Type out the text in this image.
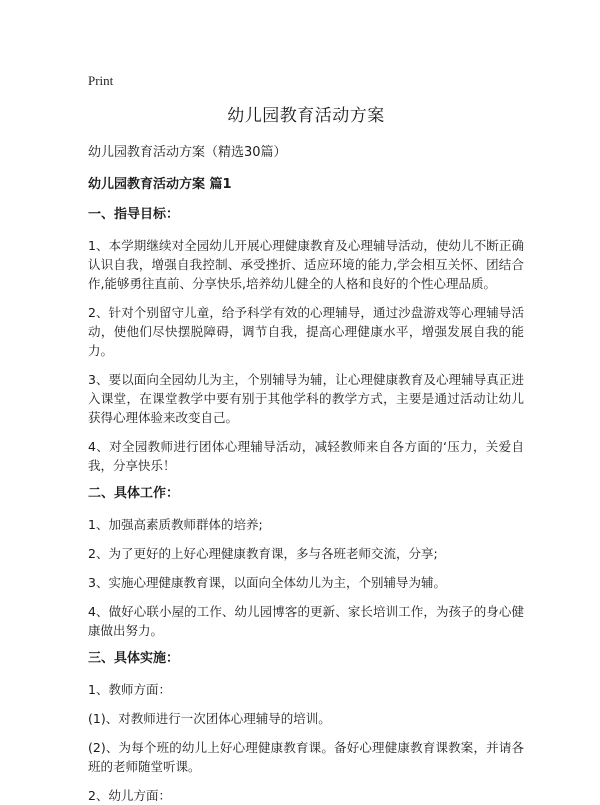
Print
幼儿园教育活动方案
幼儿园教育活动方案（精选30篇）
幼儿园教育活动方案 篇1
一、指导目标：

1、本学期继续对全园幼儿开展心理健康教育及心理辅导活动，使幼儿不断正确认识自我，增强自我控制、承受挫折、适应环境的能力,学会相互关怀、团结合作,能够勇往直前、分享快乐,培养幼儿健全的人格和良好的个性心理品质。

2、针对个别留守儿童，给予科学有效的心理辅导，通过沙盘游戏等心理辅导活动，使他们尽快摆脱障碍，调节自我，提高心理健康水平，增强发展自我的能力。

3、要以面向全园幼儿为主，个别辅导为辅，让心理健康教育及心理辅导真正进入课堂，在课堂教学中要有别于其他学科的教学方式，主要是通过活动让幼儿获得心理体验来改变自己。

4、对全园教师进行团体心理辅导活动，减轻教师来自各方面的‘压力，关爱自我，分享快乐！

二、具体工作：

1、加强高素质教师群体的培养;

2、为了更好的上好心理健康教育课，多与各班老师交流，分享;

3、实施心理健康教育课，以面向全体幼儿为主，个别辅导为辅。

4、做好心联小屋的工作、幼儿园博客的更新、家长培训工作，为孩子的身心健康做出努力。

三、具体实施：

1、教师方面：

(1)、对教师进行一次团体心理辅导的培训。

(2)、为每个班的幼儿上好心理健康教育课。备好心理健康教育课教案，并请各班的老师随堂听课。

2、幼儿方面：
